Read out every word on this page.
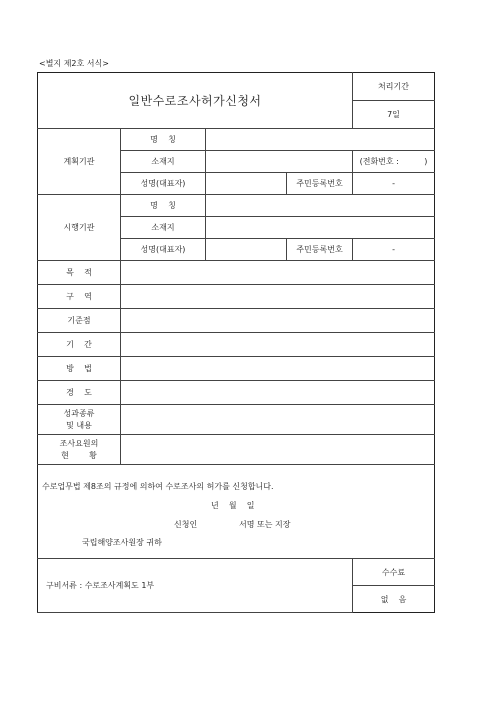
<별지 제2호 서식>
일반수로조사허가신청서				처리기간
				7일
계획기관	명    칭			
	소재지			(전화번호 :          )
	성명(대표자)		주민등록번호	-
시행기관	명    칭			
	소재지			
	성명(대표자)		주민등록번호	-
목    적				
구    역				
기준점				
기    간				
방    법				
경    도				
성과종류
및 내용				
조사요원의
현        황				

수로업무법 제8조의 규정에 의하여 수로조사의 허가를 신청합니다.
년    월    일
신청인 서명 또는 지장
국립해양조사원장 귀하				

구비서류 : 수로조사계획도 1부				수수료
				없    음
